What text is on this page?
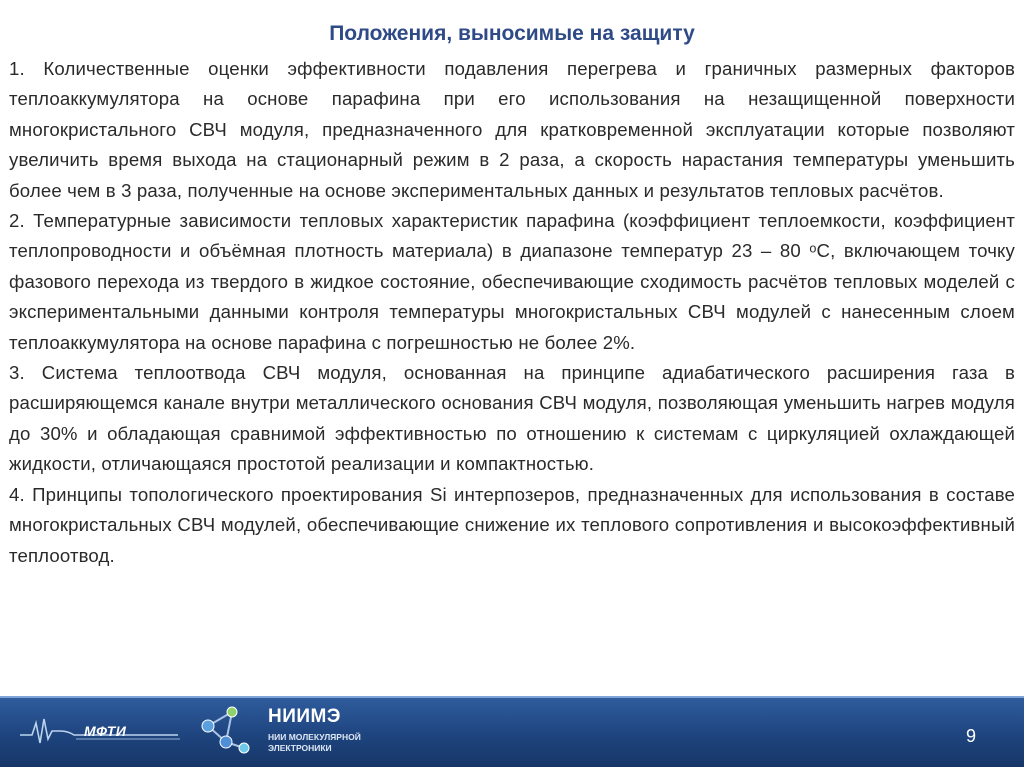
Положения, выносимые на защиту

1. Количественные оценки эффективности подавления перегрева и граничных размерных факторов теплоаккумулятора на основе парафина при его использования на незащищенной поверхности многокристального СВЧ модуля, предназначенного для кратковременной эксплуатации которые позволяют увеличить время выхода на стационарный режим в 2 раза, а скорость нарастания температуры уменьшить более чем в 3 раза, полученные на основе экспериментальных данных и результатов тепловых расчётов.

2. Температурные зависимости тепловых характеристик парафина (коэффициент теплоемкости, коэффициент теплопроводности и объёмная плотность материала) в диапазоне температур 23 – 80 ᵒС, включающем точку фазового перехода из твердого в жидкое состояние, обеспечивающие сходимость расчётов тепловых моделей с экспериментальными данными контроля температуры многокристальных СВЧ модулей с нанесенным слоем теплоаккумулятора на основе парафина с погрешностью не более 2%.

3. Система теплоотвода СВЧ модуля, основанная на принципе адиабатического расширения газа в расширяющемся канале внутри металлического основания СВЧ модуля, позволяющая уменьшить нагрев модуля до 30% и обладающая сравнимой эффективностью по отношению к системам с циркуляцией охлаждающей жидкости, отличающаяся простотой реализации и компактностью.

4. Принципы топологического проектирования Si интерпозеров, предназначенных для использования в составе многокристальных СВЧ модулей, обеспечивающие снижение их теплового сопротивления и высокоэффективный теплоотвод.

МФТИ
НИИМЭ
НИИ МОЛЕКУЛЯРНОЙ ЭЛЕКТРОНИКИ
9
